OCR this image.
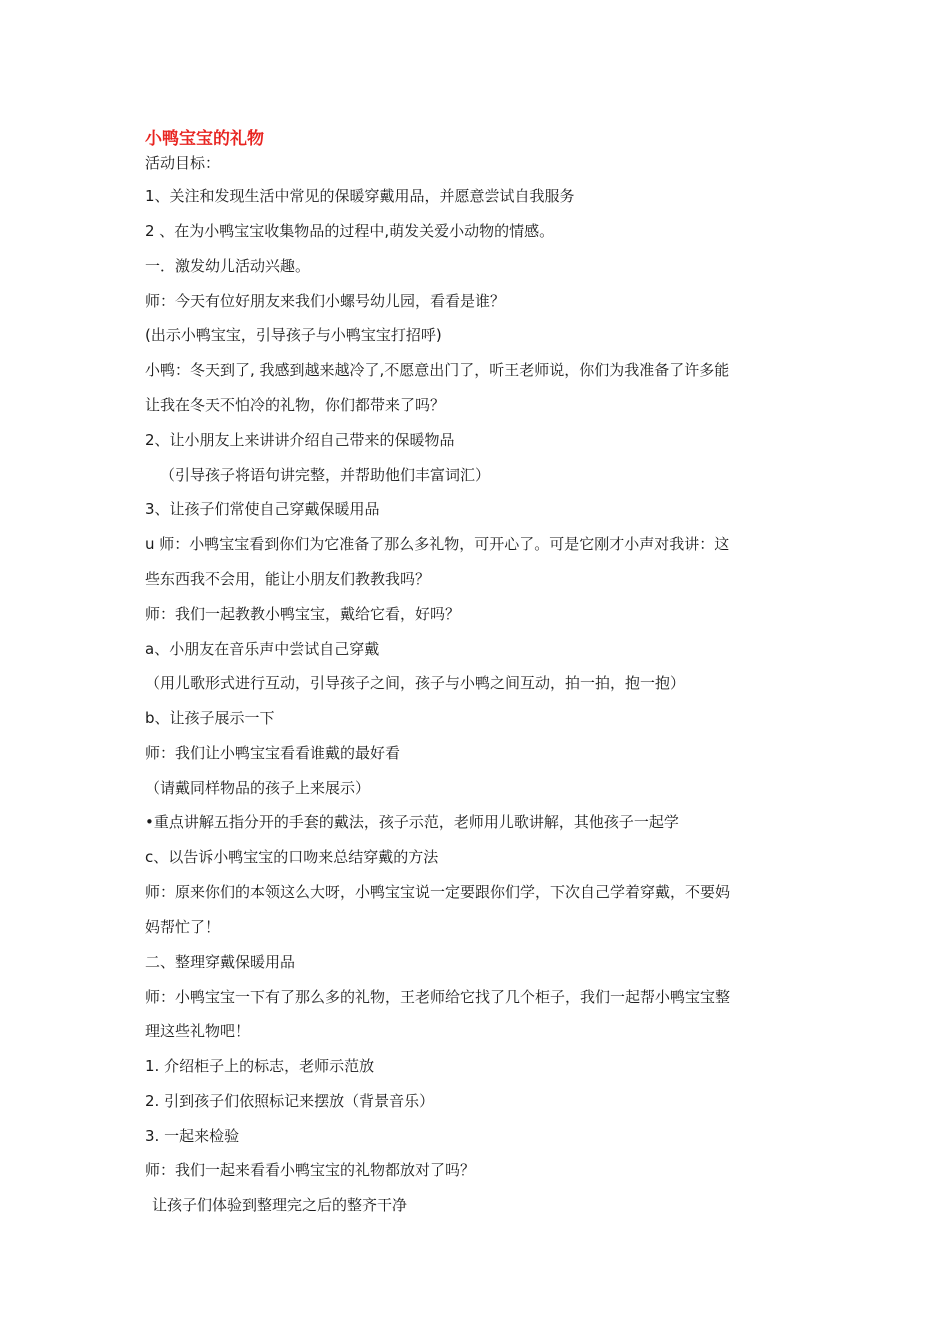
小鸭宝宝的礼物
活动目标：
1、关注和发现生活中常见的保暖穿戴用品，并愿意尝试自我服务
2 、在为小鸭宝宝收集物品的过程中,萌发关爱小动物的情感。
一．激发幼儿活动兴趣。
师：今天有位好朋友来我们小螺号幼儿园，看看是谁？
(出示小鸭宝宝，引导孩子与小鸭宝宝打招呼)
小鸭：冬天到了, 我感到越来越冷了,不愿意出门了，听王老师说，你们为我准备了许多能
让我在冬天不怕冷的礼物，你们都带来了吗？
2、让小朋友上来讲讲介绍自己带来的保暖物品
（引导孩子将语句讲完整，并帮助他们丰富词汇）
3、让孩子们常使自己穿戴保暖用品
u 师：小鸭宝宝看到你们为它准备了那么多礼物，可开心了。可是它刚才小声对我讲：这
些东西我不会用，能让小朋友们教教我吗？
师：我们一起教教小鸭宝宝，戴给它看，好吗？
a、小朋友在音乐声中尝试自己穿戴
（用儿歌形式进行互动，引导孩子之间，孩子与小鸭之间互动，拍一拍，抱一抱）
b、让孩子展示一下
师：我们让小鸭宝宝看看谁戴的最好看
（请戴同样物品的孩子上来展示）
•重点讲解五指分开的手套的戴法，孩子示范，老师用儿歌讲解，其他孩子一起学
c、以告诉小鸭宝宝的口吻来总结穿戴的方法
师：原来你们的本领这么大呀，小鸭宝宝说一定要跟你们学，下次自己学着穿戴，不要妈
妈帮忙了！
二、整理穿戴保暖用品
师：小鸭宝宝一下有了那么多的礼物，王老师给它找了几个柜子，我们一起帮小鸭宝宝整
理这些礼物吧！
1. 介绍柜子上的标志，老师示范放
2. 引到孩子们依照标记来摆放（背景音乐）
3. 一起来检验
师：我们一起来看看小鸭宝宝的礼物都放对了吗？
让孩子们体验到整理完之后的整齐干净
